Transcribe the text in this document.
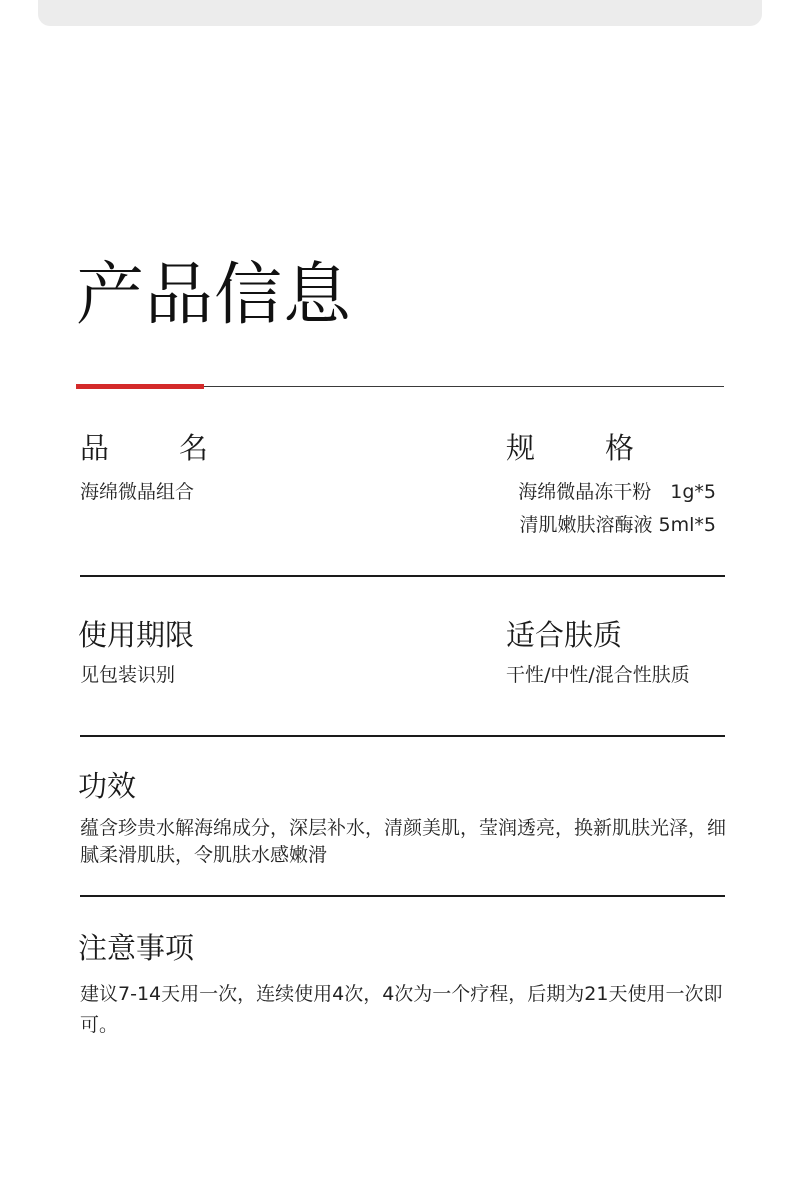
产品信息
品 名
海绵微晶组合
规 格
海绵微晶冻干粉　1g*5
清肌嫩肤溶酶液 5ml*5
使用期限
见包装识别
适合肤质
干性/中性/混合性肤质
功效
蕴含珍贵水解海绵成分，深层补水，清颜美肌，莹润透亮，换新肌肤光泽，细腻柔滑肌肤，令肌肤水感嫩滑
注意事项
建议7-14天用一次，连续使用4次，4次为一个疗程，后期为21天使用一次即可。
